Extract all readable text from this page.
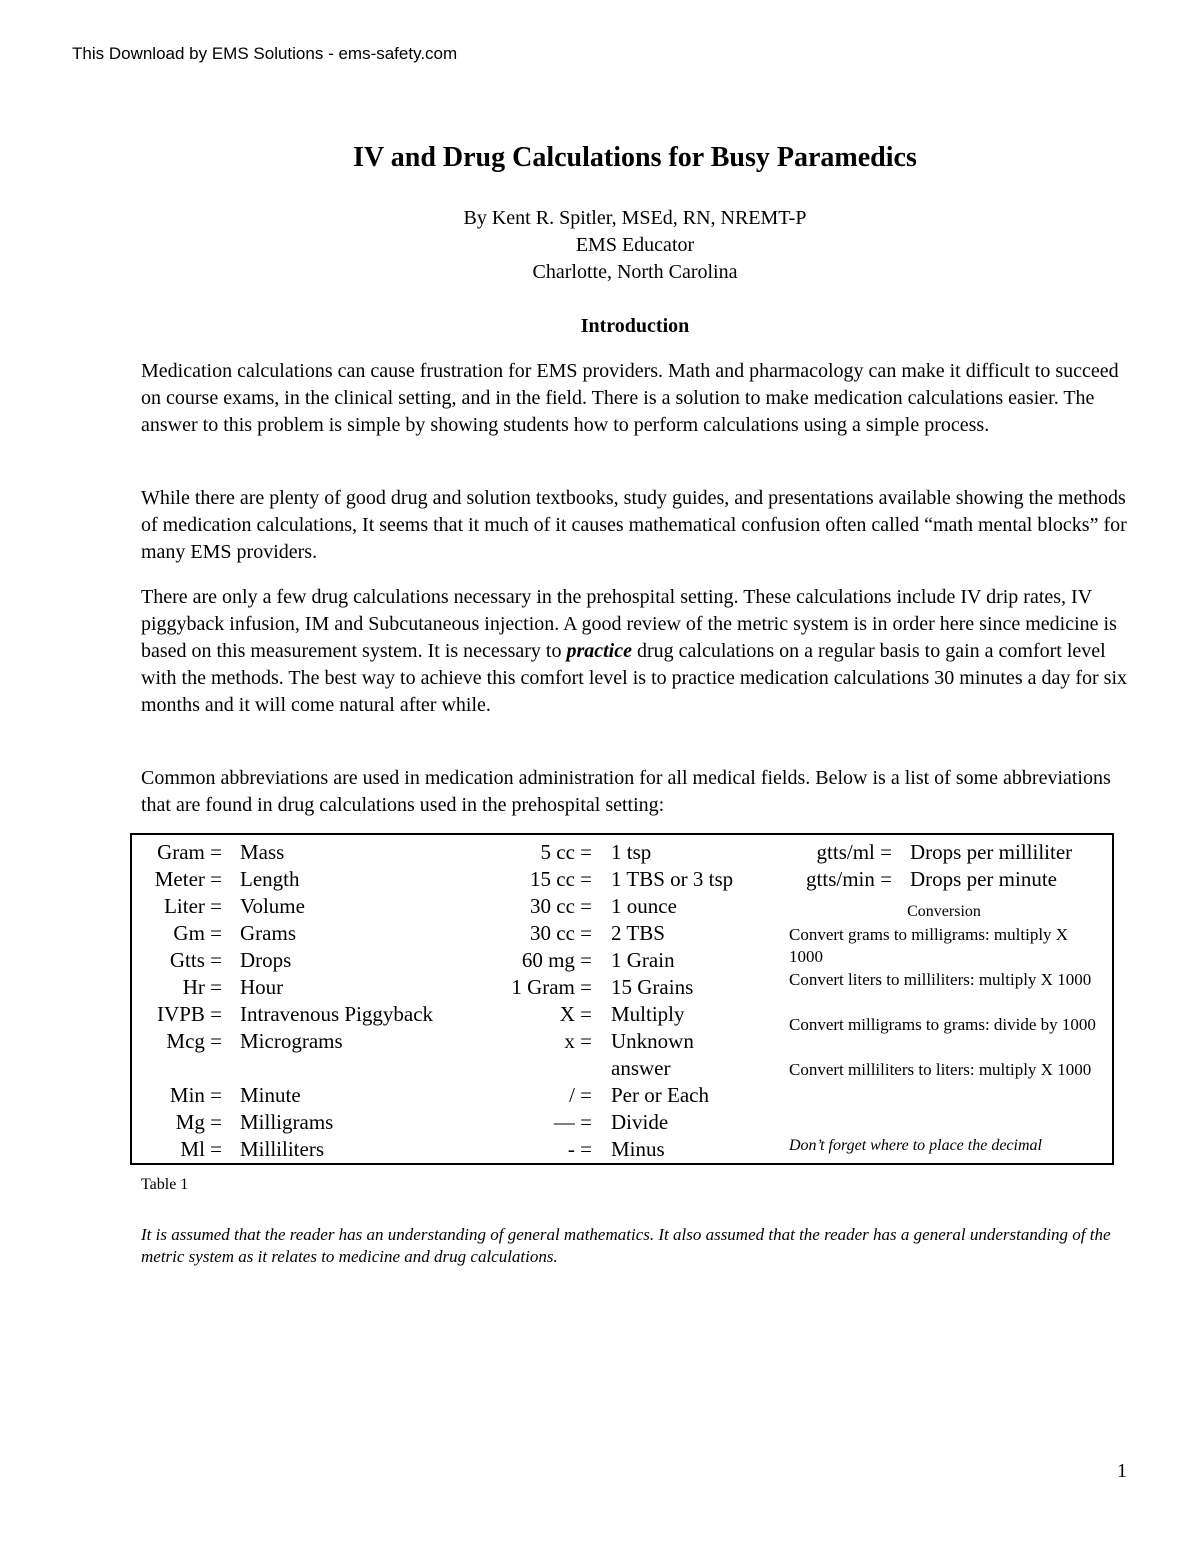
This Download by EMS Solutions - ems-safety.com
IV and Drug Calculations for Busy Paramedics
By Kent R. Spitler, MSEd, RN, NREMT-P
EMS Educator
Charlotte, North Carolina
Introduction

Medication calculations can cause frustration for EMS providers. Math and pharmacology can make it difficult to succeed on course exams, in the clinical setting, and in the field. There is a solution to make medication calculations easier. The answer to this problem is simple by showing students how to perform calculations using a simple process.

While there are plenty of good drug and solution textbooks, study guides, and presentations available showing the methods of medication calculations, It seems that it much of it causes mathematical confusion often called “math mental blocks” for many EMS providers.

There are only a few drug calculations necessary in the prehospital setting. These calculations include IV drip rates, IV piggyback infusion, IM and Subcutaneous injection. A good review of the metric system is in order here since medicine is based on this measurement system. It is necessary to practice drug calculations on a regular basis to gain a comfort level with the methods. The best way to achieve this comfort level is to practice medication calculations 30 minutes a day for six months and it will come natural after while.

Common abbreviations are used in medication administration for all medical fields. Below is a list of some abbreviations that are found in drug calculations used in the prehospital setting:

Gram = Mass
Meter = Length
Liter = Volume
Gm = Grams
Gtts = Drops
Hr = Hour
IVPB = Intravenous Piggyback
Mcg = Micrograms
Min = Minute
Mg = Milligrams
Ml = Milliliters
5 cc = 1 tsp
15 cc = 1 TBS or 3 tsp
30 cc = 1 ounce
30 cc = 2 TBS
60 mg = 1 Grain
1 Gram = 15 Grains
X = Multiply
x = Unknown
answer
/ = Per or Each
— = Divide
- = Minus
gtts/ml = Drops per milliliter
gtts/min = Drops per minute
Conversion
Convert grams to milligrams: multiply X 1000
Convert liters to milliliters: multiply X 1000
Convert milligrams to grams: divide by 1000
Convert milliliters to liters: multiply X 1000
Don’t forget where to place the decimal
Table 1
It is assumed that the reader has an understanding of general mathematics. It also assumed that the reader has a general understanding of the metric system as it relates to medicine and drug calculations.
1
